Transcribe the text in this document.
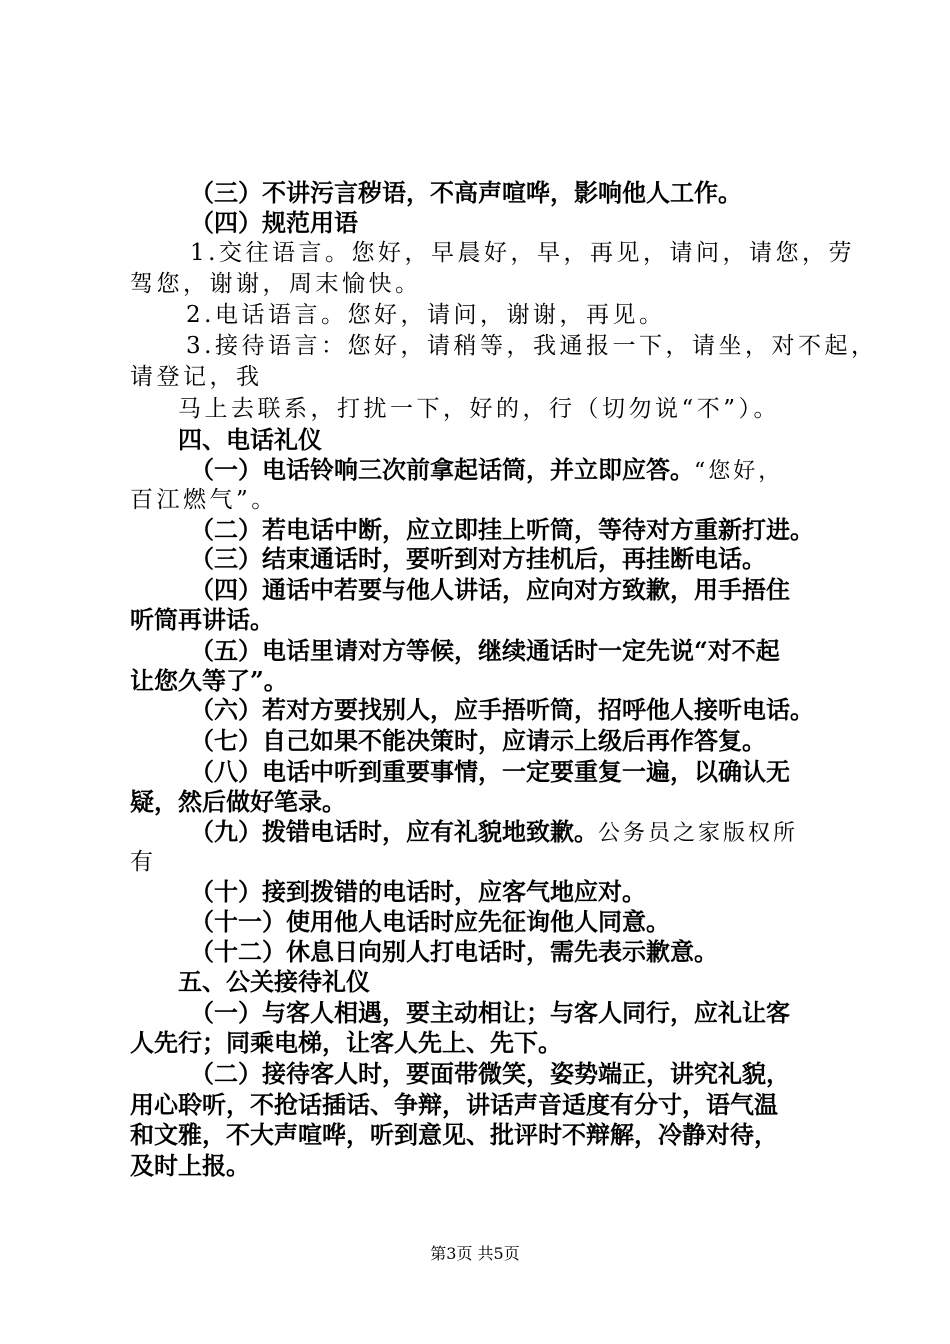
（三）不讲污言秽语，不高声喧哗，影响他人工作。
（四）规范用语
1.交往语言。您好，早晨好，早，再见，请问，请您，劳
驾您，谢谢，周末愉快。
2.电话语言。您好，请问，谢谢，再见。
3.接待语言：您好，请稍等，我通报一下，请坐，对不起，
请登记，我
马上去联系，打扰一下，好的，行（切勿说“不”）。
四、电话礼仪
（一）电话铃响三次前拿起话筒，并立即应答。“您好，
百江燃气”。
（二）若电话中断，应立即挂上听筒，等待对方重新打进。
（三）结束通话时，要听到对方挂机后，再挂断电话。
（四）通话中若要与他人讲话，应向对方致歉，用手捂住
听筒再讲话。
（五）电话里请对方等候，继续通话时一定先说“对不起
让您久等了”。
（六）若对方要找别人，应手捂听筒，招呼他人接听电话。
（七）自己如果不能决策时，应请示上级后再作答复。
（八）电话中听到重要事情，一定要重复一遍，以确认无
疑，然后做好笔录。
（九）拨错电话时，应有礼貌地致歉。公务员之家版权所
有
（十）接到拨错的电话时，应客气地应对。
（十一）使用他人电话时应先征询他人同意。
（十二）休息日向别人打电话时，需先表示歉意。
五、公关接待礼仪
（一）与客人相遇，要主动相让；与客人同行，应礼让客
人先行；同乘电梯，让客人先上、先下。
（二）接待客人时，要面带微笑，姿势端正，讲究礼貌，
用心聆听，不抢话插话、争辩，讲话声音适度有分寸，语气温
和文雅，不大声喧哗，听到意见、批评时不辩解，冷静对待，
及时上报。
第3页 共5页
